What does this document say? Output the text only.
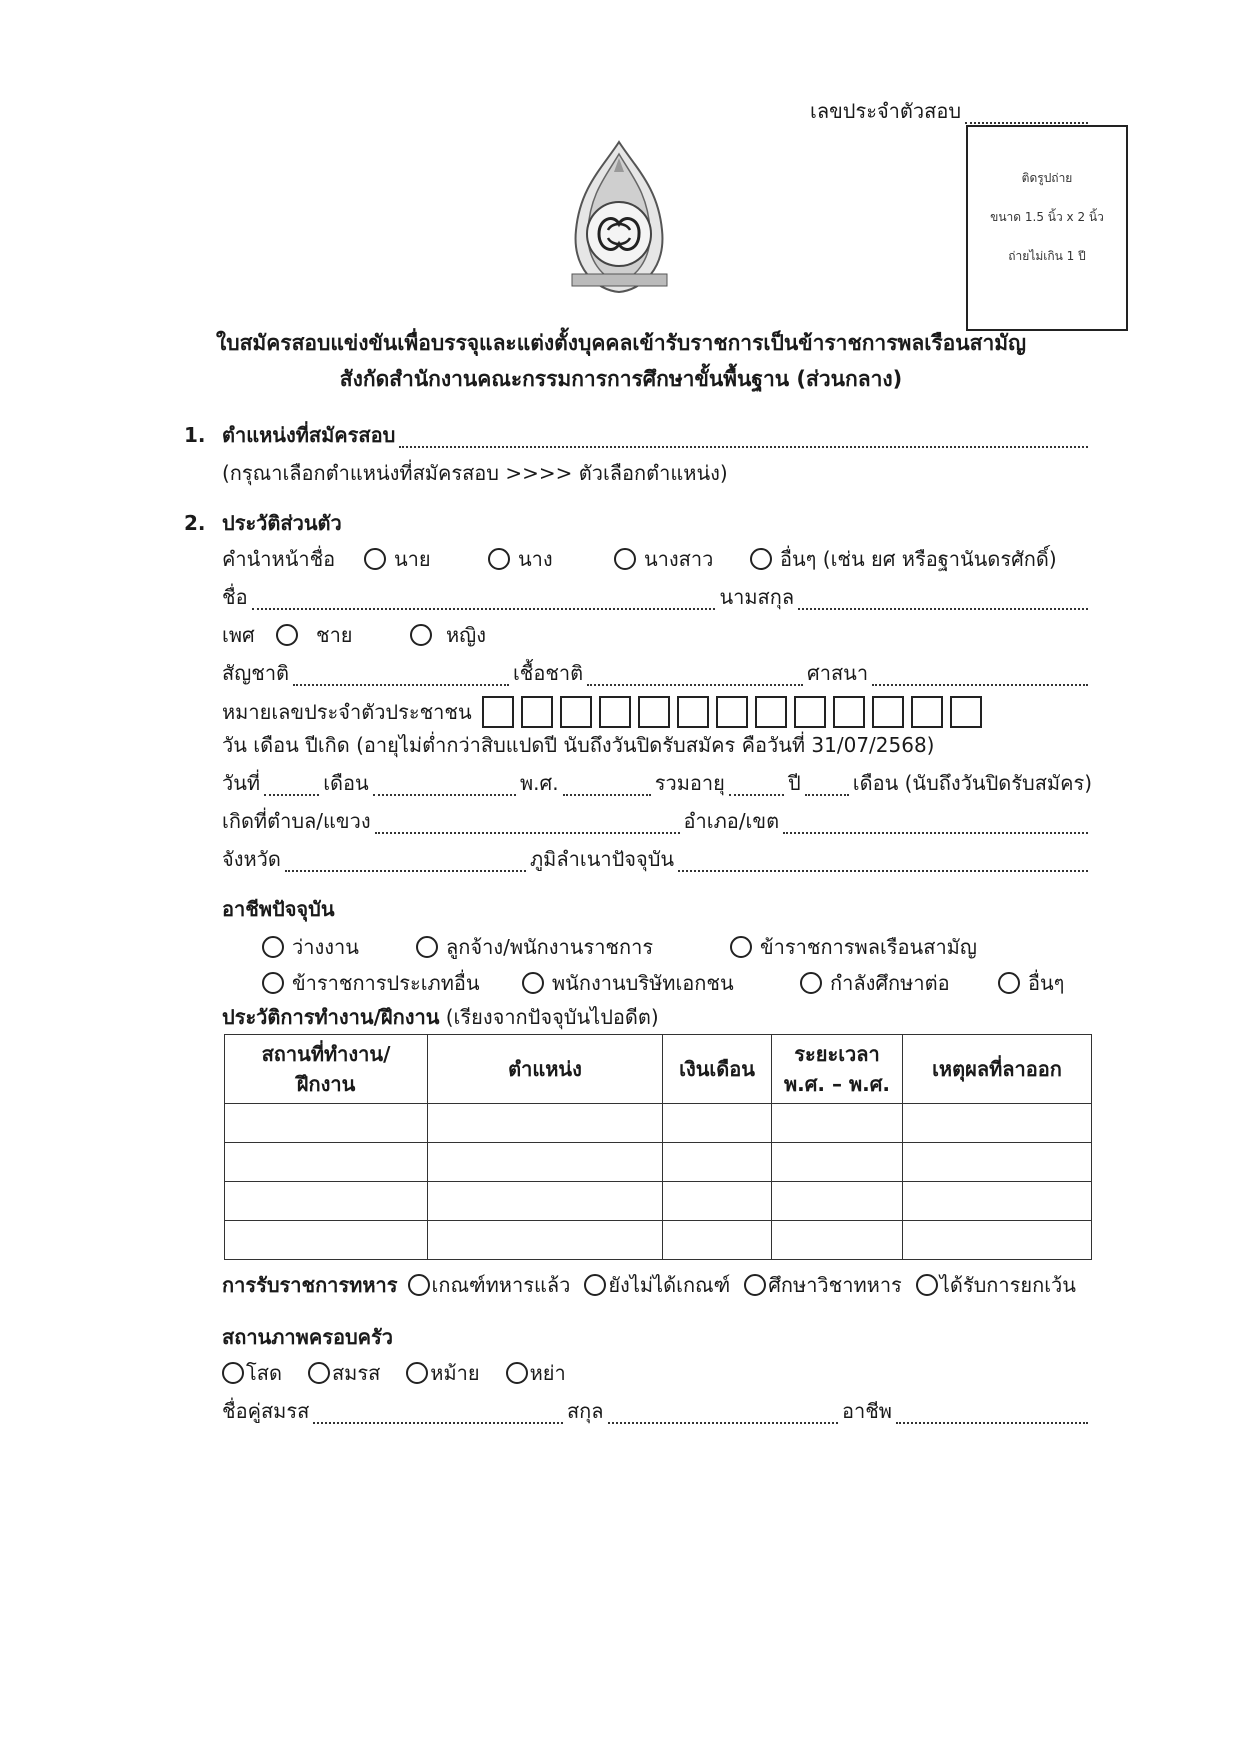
เลขประจำตัวสอบ
ติดรูปถ่าย
ขนาด 1.5 นิ้ว x 2 นิ้ว
ถ่ายไม่เกิน 1 ปี
ใบสมัครสอบแข่งขันเพื่อบรรจุและแต่งตั้งบุคคลเข้ารับราชการเป็นข้าราชการพลเรือนสามัญ
สังกัดสำนักงานคณะกรรมการการศึกษาขั้นพื้นฐาน (ส่วนกลาง)
1. ตำแหน่งที่สมัครสอบ
(กรุณาเลือกตำแหน่งที่สมัครสอบ >>>> ตัวเลือกตำแหน่ง)
2. ประวัติส่วนตัว
คำนำหน้าชื่อ	นาย	นาง	นางสาว	อื่นๆ (เช่น ยศ หรือฐานันดรศักดิ์)
ชื่อ	นามสกุล
เพศ	ชาย	หญิง
สัญชาติ	เชื้อชาติ	ศาสนา
หมายเลขประจำตัวประชาชน
วัน เดือน ปีเกิด (อายุไม่ต่ำกว่าสิบแปดปี นับถึงวันปิดรับสมัคร คือวันที่ 31/07/2568)
วันที่	เดือน	พ.ศ.	รวมอายุ	ปี	เดือน (นับถึงวันปิดรับสมัคร)
เกิดที่ตำบล/แขวง	อำเภอ/เขต
จังหวัด	ภูมิลำเนาปัจจุบัน
อาชีพปัจจุบัน
ว่างงาน	ลูกจ้าง/พนักงานราชการ	ข้าราชการพลเรือนสามัญ
ข้าราชการประเภทอื่น	พนักงานบริษัทเอกชน	กำลังศึกษาต่อ	อื่นๆ
ประวัติการทำงาน/ฝึกงาน (เรียงจากปัจจุบันไปอดีต)
สถานที่ทำงาน/ ฝึกงาน	ตำแหน่ง	เงินเดือน	ระยะเวลา พ.ศ. – พ.ศ.	เหตุผลที่ลาออก

การรับราชการทหาร เกณฑ์ทหารแล้ว ยังไม่ได้เกณฑ์ ศึกษาวิชาทหาร ได้รับการยกเว้น
สถานภาพครอบครัว
โสด	สมรส	หม้าย	หย่า
ชื่อคู่สมรส	สกุล	อาชีพ
